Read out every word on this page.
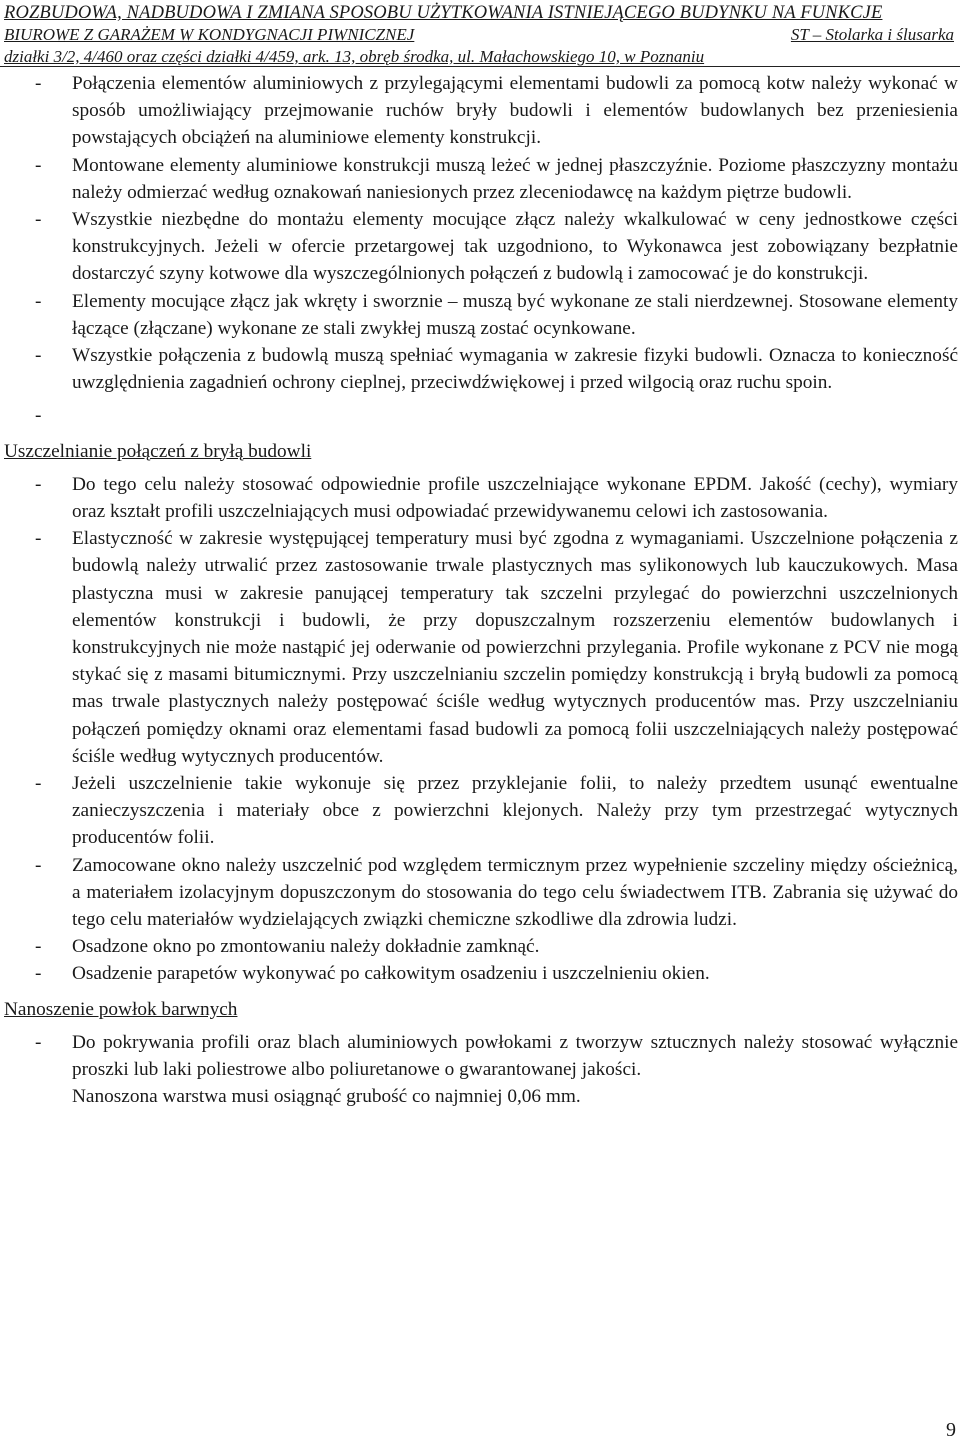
ROZBUDOWA, NADBUDOWA I ZMIANA SPOSOBU UŻYTKOWANIA ISTNIEJĄCEGO BUDYNKU NA FUNKCJE
BIUROWE Z GARAŻEM W KONDYGNACJI PIWNICZNEJ	ST – Stolarka i ślusarka
działki 3/2, 4/460 oraz części działki 4/459, ark. 13, obręb środka, ul. Małachowskiego 10, w Poznaniu
- Połączenia elementów aluminiowych z przylegającymi elementami budowli za pomocą kotw należy wykonać w sposób umożliwiający przejmowanie ruchów bryły budowli i elementów budowlanych bez przeniesienia powstających obciążeń na aluminiowe elementy konstrukcji.
- Montowane elementy aluminiowe konstrukcji muszą leżeć w jednej płaszczyźnie. Poziome płaszczyzny montażu należy odmierzać według oznakowań naniesionych przez zleceniodawcę na każdym piętrze budowli.
- Wszystkie niezbędne do montażu elementy mocujące złącz należy wkalkulować w ceny jednostkowe części konstrukcyjnych. Jeżeli w ofercie przetargowej tak uzgodniono, to Wykonawca jest zobowiązany bezpłatnie dostarczyć szyny kotwowe dla wyszczególnionych połączeń z budowlą i zamocować je do konstrukcji.
- Elementy mocujące złącz jak wkręty i sworznie – muszą być wykonane ze stali nierdzewnej. Stosowane elementy łączące (złączane) wykonane ze stali zwykłej muszą zostać ocynkowane.
- Wszystkie połączenia z budowlą muszą spełniać wymagania w zakresie fizyki budowli. Oznacza to konieczność uwzględnienia zagadnień ochrony cieplnej, przeciwdźwiękowej i przed wilgocią oraz ruchu spoin.
-
Uszczelnianie połączeń z bryłą budowli
- Do tego celu należy stosować odpowiednie profile uszczelniające wykonane EPDM. Jakość (cechy), wymiary oraz kształt profili uszczelniających musi odpowiadać przewidywanemu celowi ich zastosowania.
- Elastyczność w zakresie występującej temperatury musi być zgodna z wymaganiami. Uszczelnione połączenia z budowlą należy utrwalić przez zastosowanie trwale plastycznych mas sylikonowych lub kauczukowych. Masa plastyczna musi w zakresie panującej temperatury tak szczelni przylegać do powierzchni uszczelnionych elementów konstrukcji i budowli, że przy dopuszczalnym rozszerzeniu elementów budowlanych i konstrukcyjnych nie może nastąpić jej oderwanie od powierzchni przylegania. Profile wykonane z PCV nie mogą stykać się z masami bitumicznymi. Przy uszczelnianiu szczelin pomiędzy konstrukcją i bryłą budowli za pomocą mas trwale plastycznych należy postępować ściśle według wytycznych producentów mas. Przy uszczelnianiu połączeń pomiędzy oknami oraz elementami fasad budowli za pomocą folii uszczelniających należy postępować ściśle według wytycznych producentów.
- Jeżeli uszczelnienie takie wykonuje się przez przyklejanie folii, to należy przedtem usunąć ewentualne zanieczyszczenia i materiały obce z powierzchni klejonych. Należy przy tym przestrzegać wytycznych producentów folii.
- Zamocowane okno należy uszczelnić pod względem termicznym przez wypełnienie szczeliny między ościeżnicą, a materiałem izolacyjnym dopuszczonym do stosowania do tego celu świadectwem ITB. Zabrania się używać do tego celu materiałów wydzielających związki chemiczne szkodliwe dla zdrowia ludzi.
- Osadzone okno po zmontowaniu należy dokładnie zamknąć.
- Osadzenie parapetów wykonywać po całkowitym osadzeniu i uszczelnieniu okien.
Nanoszenie powłok barwnych
- Do pokrywania profili oraz blach aluminiowych powłokami z tworzyw sztucznych należy stosować wyłącznie proszki lub laki poliestrowe albo poliuretanowe o gwarantowanej jakości.
Nanoszona warstwa musi osiągnąć grubość co najmniej 0,06 mm.
9
